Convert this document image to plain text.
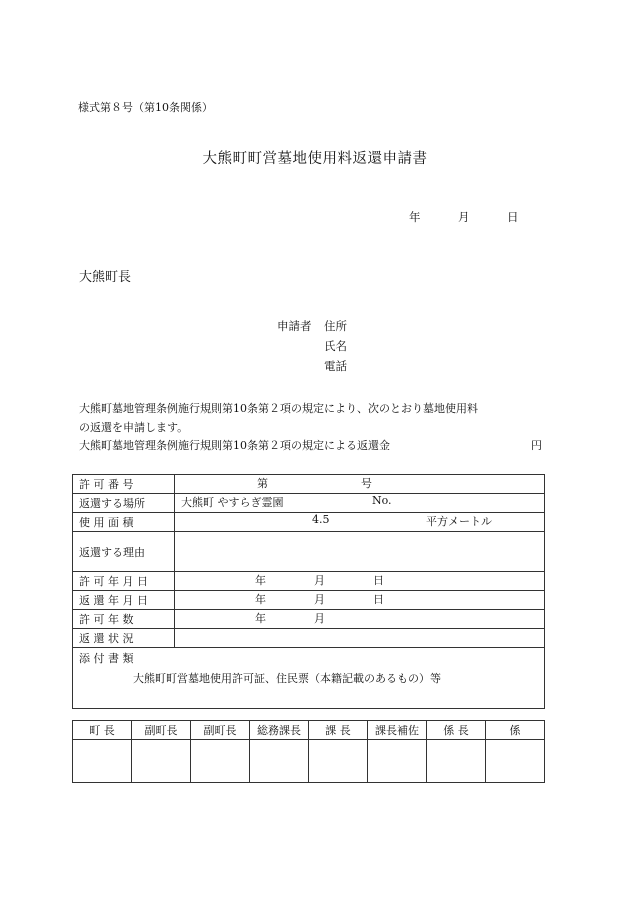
様式第８号（第10条関係）
大熊町町営墓地使用料返還申請書
年	月	日
大熊町長
申請者 住所
氏名
電話
大熊町墓地管理条例施行規則第10条第２項の規定により、次のとおり墓地使用料
の返還を申請します。
大熊町墓地管理条例施行規則第10条第２項の規定による返還金	円
許 可 番 号	第 号

返還する場所	大熊町 やすらぎ霊園 No.

使 用 面 積	4.5 平方メートル

返還する理由	
許 可 年 月 日	年 月 日

返 還 年 月 日	年 月 日

許 可 年 数	年 月

返 還 状 況	

添 付 書 類
大熊町町営墓地使用許可証、住民票（本籍記載のあるもの）等	
町 長	副町長	副町長	総務課長	課 長	課長補佐	係 長	係
